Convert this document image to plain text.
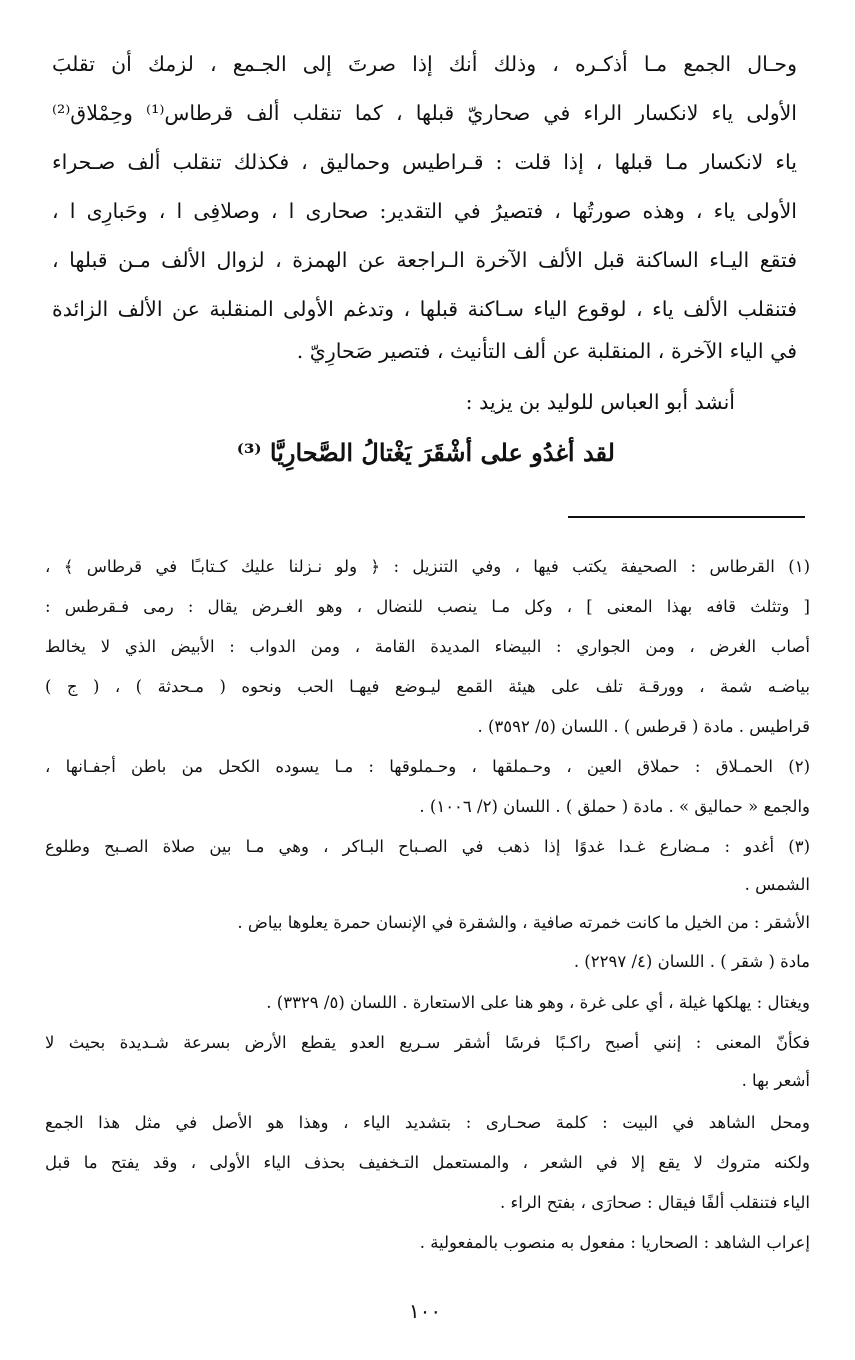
وحـال الجمع مـا أذكـره ، وذلك أنك إذا صرتَ إلى الجـمع ، لزمك أن تقلبَ
الأولى ياء لانكسار الراء في صحاريّ قبلها ، كما تنقلب ألف قرطاس⁽¹⁾ وحِمْلاق⁽²⁾
ياء لانكسار مـا قبلها ، إذا قلت : قـراطيس وحماليق ، فكذلك تنقلب ألف صـحراء
الأولى ياء ، وهذه صورتُها ، فتصيرُ في التقدير: صحارى ا ، وصلافِى ا ، وحَبارِى ا ،
فتقع اليـاء الساكنة قبل الألف الآخرة الـراجعة عن الهمزة ، لزوال الألف مـن قبلها ،
فتنقلب الألف ياء ، لوقوع الياء سـاكنة قبلها ، وتدغم الأولى المنقلبة عن الألف الزائدة
في الياء الآخرة ، المنقلبة عن ألف التأنيث ، فتصير صَحارِيّ .
أنشد أبو العباس للوليد بن يزيد :
لقد أغدُو على أشْقَرَ يَغْتالُ الصَّحارِيَّا ⁽³⁾
(١) القرطاس : الصحيفة يكتب فيها ، وفي التنزيل : ﴿ ولو نـزلنا عليك كـتابـًا في قرطاس ﴾ ،
[ وتثلث قافه بهذا المعنى ] ، وكل مـا ينصب للنضال ، وهو الغـرض يقال : رمى فـقرطس :
أصاب الغرض ، ومن الجواري : البيضاء المديدة القامة ، ومن الدواب : الأبيض الذي لا يخالط
بياضـه شمة ، وورقـة تلف على هيئة القمع ليـوضع فيهـا الحب ونحوه ( مـحدثة ) ، ( ج )
قراطيس . مادة ( قرطس ) . اللسان (٥/ ٣٥٩٢) .
(٢) الحمـلاق : حملاق العين ، وحـملقها ، وحـملوقها : مـا يسوده الكحل من باطن أجفـانها ،
والجمع « حماليق » . مادة ( حملق ) . اللسان (٢/ ١٠٠٦) .
(٣) أغدو : مـضارع غـدا غدوًا إذا ذهب في الصـباح البـاكر ، وهي مـا بين صلاة الصـبح وطلوع
الشمس .
الأشقر : من الخيل ما كانت خمرته صافية ، والشقرة في الإنسان حمرة يعلوها بياض .
مادة ( شقر ) . اللسان (٤/ ٢٢٩٧) .
ويغتال : يهلكها غيلة ، أي على غرة ، وهو هنا على الاستعارة . اللسان (٥/ ٣٣٢٩) .
فكأنّ المعنى : إنني أصبح راكـبًا فرسًا أشقر سـريع العدو يقطع الأرض بسرعة شـديدة بحيث لا
أشعر بها .
ومحل الشاهد في البيت : كلمة صحـارى : بتشديد الياء ، وهذا هو الأصل في مثل هذا الجمع
ولكنه متروك لا يقع إلا في الشعر ، والمستعمل التـخفيف بحذف الياء الأولى ، وقد يفتح ما قبل
الياء فتنقلب ألفًا فيقال : صحارَى ، بفتح الراء .
إعراب الشاهد : الصحاريا : مفعول به منصوب بالمفعولية .
١٠٠
